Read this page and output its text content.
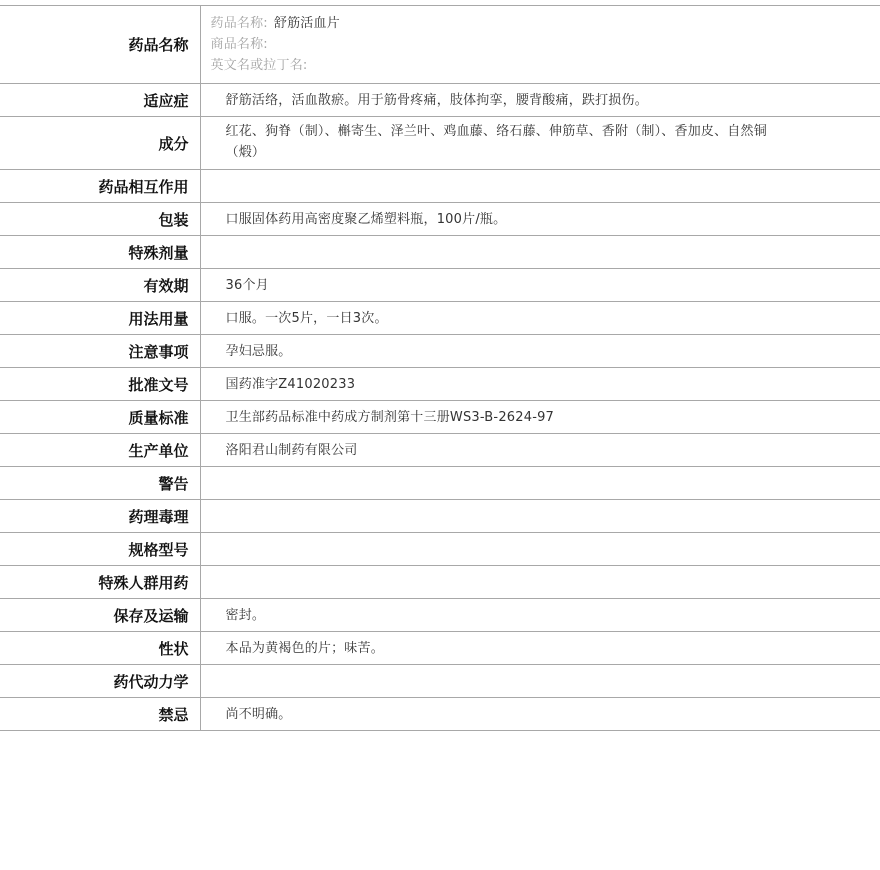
药品名称	药品名称: 舒筋活血片
商品名称:
英文名或拉丁名:

适应症	舒筋活络，活血散瘀。用于筋骨疼痛，肢体拘挛，腰背酸痛，跌打损伤。
成分	红花、狗脊（制）、槲寄生、泽兰叶、鸡血藤、络石藤、伸筋草、香附（制）、香加皮、自然铜（煅）
药品相互作用	
包装	口服固体药用高密度聚乙烯塑料瓶，100片/瓶。
特殊剂量	
有效期	36个月
用法用量	口服。一次5片，一日3次。
注意事项	孕妇忌服。
批准文号	国药准字Z41020233
质量标准	卫生部药品标准中药成方制剂第十三册WS3-B-2624-97
生产单位	洛阳君山制药有限公司
警告	
药理毒理	
规格型号	
特殊人群用药	
保存及运输	密封。
性状	本品为黄褐色的片；味苦。
药代动力学	
禁忌	尚不明确。
